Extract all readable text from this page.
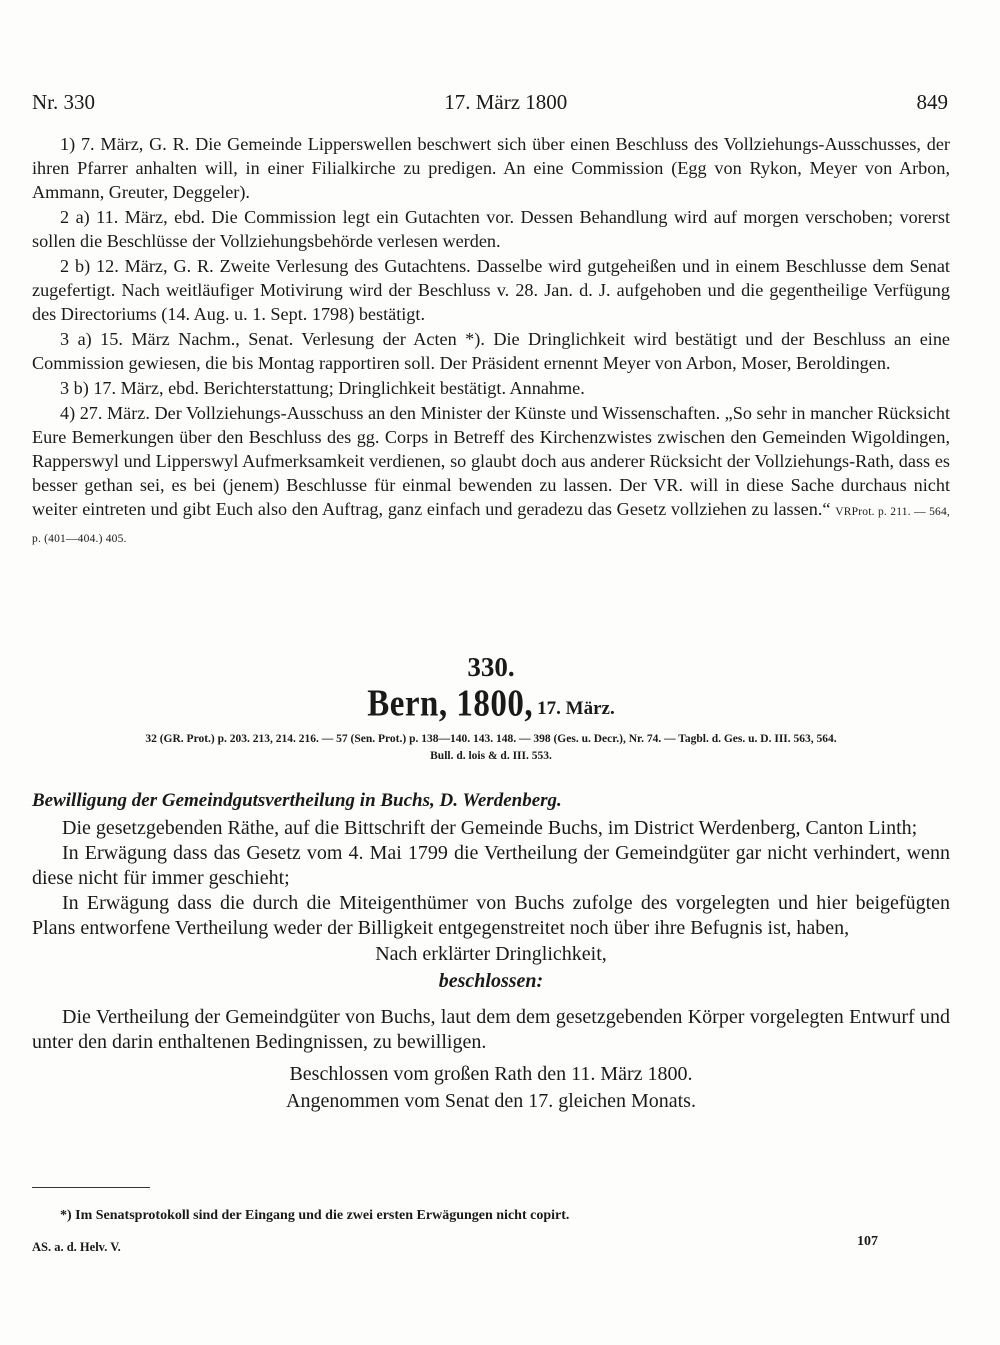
Nr. 330	17. März 1800	849

1) 7. März, G. R. Die Gemeinde Lipperswellen beschwert sich über einen Beschluss des Vollziehungs-Ausschusses, der ihren Pfarrer anhalten will, in einer Filialkirche zu predigen. An eine Commission (Egg von Rykon, Meyer von Arbon, Ammann, Greuter, Deggeler).

2 a) 11. März, ebd. Die Commission legt ein Gutachten vor. Dessen Behandlung wird auf morgen verschoben; vorerst sollen die Beschlüsse der Vollziehungsbehörde verlesen werden.

2 b) 12. März, G. R. Zweite Verlesung des Gutachtens. Dasselbe wird gutgeheißen und in einem Beschlusse dem Senat zugefertigt. Nach weitläufiger Motivirung wird der Beschluss v. 28. Jan. d. J. aufgehoben und die gegentheilige Verfügung des Directoriums (14. Aug. u. 1. Sept. 1798) bestätigt.

3 a) 15. März Nachm., Senat. Verlesung der Acten *). Die Dringlichkeit wird bestätigt und der Beschluss an eine Commission gewiesen, die bis Montag rapportiren soll. Der Präsident ernennt Meyer von Arbon, Moser, Beroldingen.

3 b) 17. März, ebd. Berichterstattung; Dringlichkeit bestätigt. Annahme.

4) 27. März. Der Vollziehungs-Ausschuss an den Minister der Künste und Wissenschaften. „So sehr in mancher Rücksicht Eure Bemerkungen über den Beschluss des gg. Corps in Betreff des Kirchenzwistes zwischen den Gemeinden Wigoldingen, Rapperswyl und Lipperswyl Aufmerksamkeit verdienen, so glaubt doch aus anderer Rücksicht der Vollziehungs-Rath, dass es besser gethan sei, es bei (jenem) Beschlusse für einmal bewenden zu lassen. Der VR. will in diese Sache durchaus nicht weiter eintreten und gibt Euch also den Auftrag, ganz einfach und geradezu das Gesetz vollziehen zu lassen.“ VRProt. p. 211. — 564, p. (401—404.) 405.

330.

Bern, 1800, 17. März.

32 (GR. Prot.) p. 203. 213, 214. 216. — 57 (Sen. Prot.) p. 138—140. 143. 148. — 398 (Ges. u. Decr.), Nr. 74. — Tagbl. d. Ges. u. D. III. 563, 564.

Bull. d. lois & d. III. 553.

Bewilligung der Gemeindgutsvertheilung in Buchs, D. Werdenberg.

Die gesetzgebenden Räthe, auf die Bittschrift der Gemeinde Buchs, im District Werdenberg, Canton Linth;

In Erwägung dass das Gesetz vom 4. Mai 1799 die Vertheilung der Gemeindgüter gar nicht verhindert, wenn diese nicht für immer geschieht;

In Erwägung dass die durch die Miteigenthümer von Buchs zufolge des vorgelegten und hier beigefügten Plans entworfene Vertheilung weder der Billigkeit entgegenstreitet noch über ihre Befugnis ist, haben,

Nach erklärter Dringlichkeit,

beschlossen:

Die Vertheilung der Gemeindgüter von Buchs, laut dem dem gesetzgebenden Körper vorgelegten Entwurf und unter den darin enthaltenen Bedingnissen, zu bewilligen.

Beschlossen vom großen Rath den 11. März 1800.

Angenommen vom Senat den 17. gleichen Monats.

*) Im Senatsprotokoll sind der Eingang und die zwei ersten Erwägungen nicht copirt.
AS. a. d. Helv. V.	107
